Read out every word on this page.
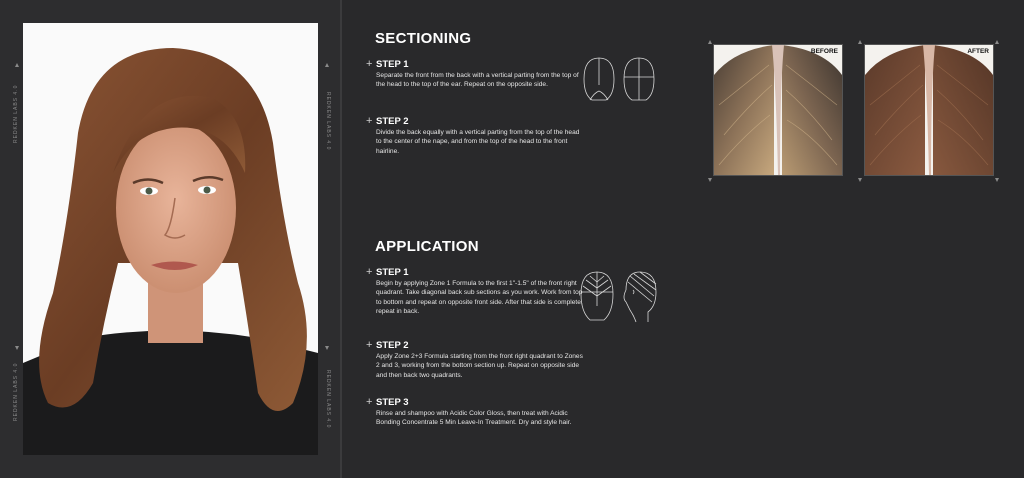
REDKEN LABS 4.0	REDKEN LABS 4.0
REDKEN LABS 4.0	REDKEN LABS 4.0
SECTIONING
+ STEP 1
Separate the front from the back with a vertical parting from the top of the head to the top of the ear. Repeat on the opposite side.
+ STEP 2
Divide the back equally with a vertical parting from the top of the head to the center of the nape, and from the top of the head to the front hairline.
APPLICATION
+ STEP 1
Begin by applying Zone 1 Formula to the first 1"-1.5" of the front right quadrant. Take diagonal back sub sections as you work. Work from top to bottom and repeat on opposite front side. After that side is complete, repeat in back.
+ STEP 2
Apply Zone 2+3 Formula starting from the front right quadrant to Zones 2 and 3, working from the bottom section up. Repeat on opposite side and then back two quadrants.
+ STEP 3
Rinse and shampoo with Acidic Color Gloss, then treat with Acidic Bonding Concentrate 5 Min Leave-In Treatment. Dry and style hair.
BEFORE	AFTER
